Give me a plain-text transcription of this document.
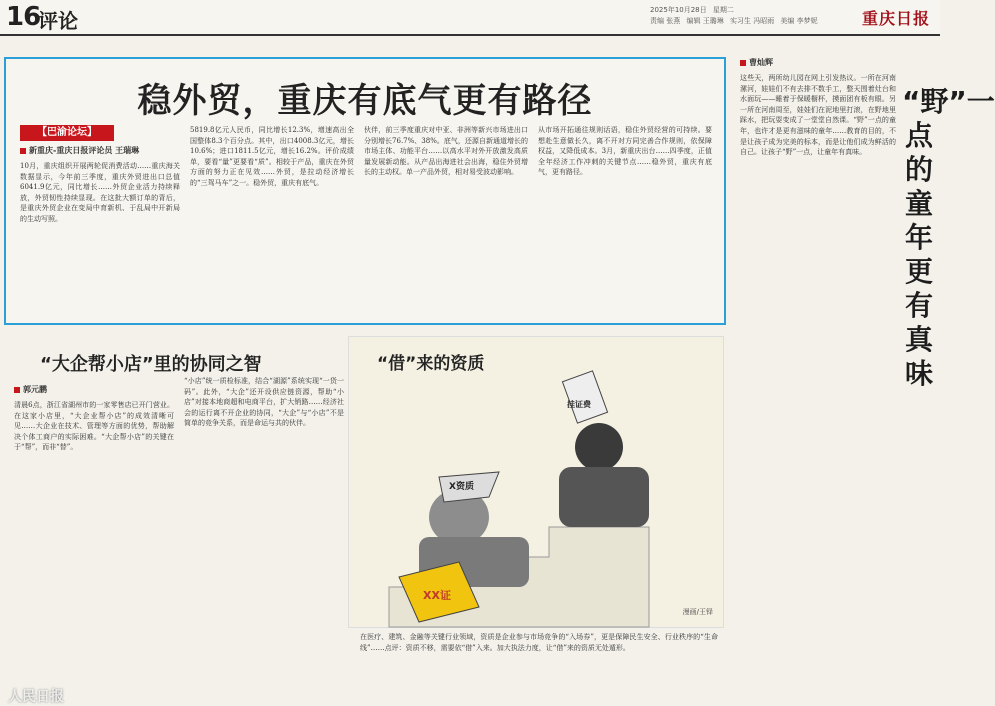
16
评论	2025年10月28日 星期二
责编 张燕 编辑 王璐琳 实习生 冯昭雨 美编 李梦妮	重庆日报
稳外贸，重庆有底气更有路径
【巴渝论坛】
新重庆-重庆日报评论员 王瑞琳
10月，重庆组织开展两轮促消费活动……重庆海关数据显示，今年前三季度，重庆外贸进出口总值6041.9亿元，同比增长……外贸企业活力持续释放，外贸韧性持续显现。在这批大额订单的背后，是重庆外贸企业在变局中育新机、于乱局中开新局的生动写照。
5819.8亿元人民币，同比增长12.3%，增速高出全国整体8.3个百分点。其中，出口4008.3亿元，增长10.6%；进口1811.5亿元，增长16.2%。评价成绩单，要看“量”更要看“质”。相较于产品，重庆在外贸方面的努力正在见效……外贸，是拉动经济增长的“三驾马车”之一。稳外贸，重庆有底气。
伙伴，前三季度重庆对中亚、非洲等新兴市场进出口分别增长76.7%、38%。底气，还源自新通道增长的市场主体、功能平台……以高水平对外开放激发高质量发展新动能。从产品出海进社会出海，稳住外贸增长的主动权。单一产品外贸，相对易受波动影响。
从市场开拓通往规则话语，稳住外贸经营的可持续。要想赴生意做长久，离不开对方同完善合作规则，依保障权益，又降低成本。3月，新重庆出台……四季度，正值全年经济工作冲刺的关键节点……稳外贸，重庆有底气，更有路径。
“大企帮小店”里的协同之智
郭元鹏
清晨6点，浙江省湖州市的一家零售店已开门营业。在这家小店里，“大企业帮小店”的成效清晰可见……大企业在技术、管理等方面的优势，帮助解决个体工商户的实际困难。“大企帮小店”的关键在于“帮”，而非“替”。
“小店”统一质检标准，结合“湖源”系统实现“一货一码”。此外，“大企”还开设供应链资源，帮助“小店”对接本地商超和电商平台，扩大销路……经济社会的运行离不开企业的协同，“大企”与“小店”不是简单的竞争关系，而是命运与共的伙伴。
X资质
XX证
挂证费
“借”来的资质
漫画/王铎
在医疗、建筑、金融等关键行业领域，资质是企业参与市场竞争的“入场券”，更是保障民生安全、行业秩序的“生命线”……点评：资质不移，需要依“借”入来。加大执法力度，让“借”来的资质无处遁形。
曹灿辉
这些天，两所幼儿园在网上引发热议。一所在河南漯河，娃娃们不有去排不数手工，整天围着灶台和水面玩——睡着于保暖橱杯，摸面团有板有眼。另一所在河南周至，娃娃们在泥地里打滚，在野地里踩水，把玩耍变成了一堂堂自然课。“野”一点的童年，也许才是更有滋味的童年……教育的目的，不是让孩子成为完美的标本，而是让他们成为鲜活的自己。让孩子“野”一点，让童年有真味。
“野”一点的童年更有真味
人民日报
